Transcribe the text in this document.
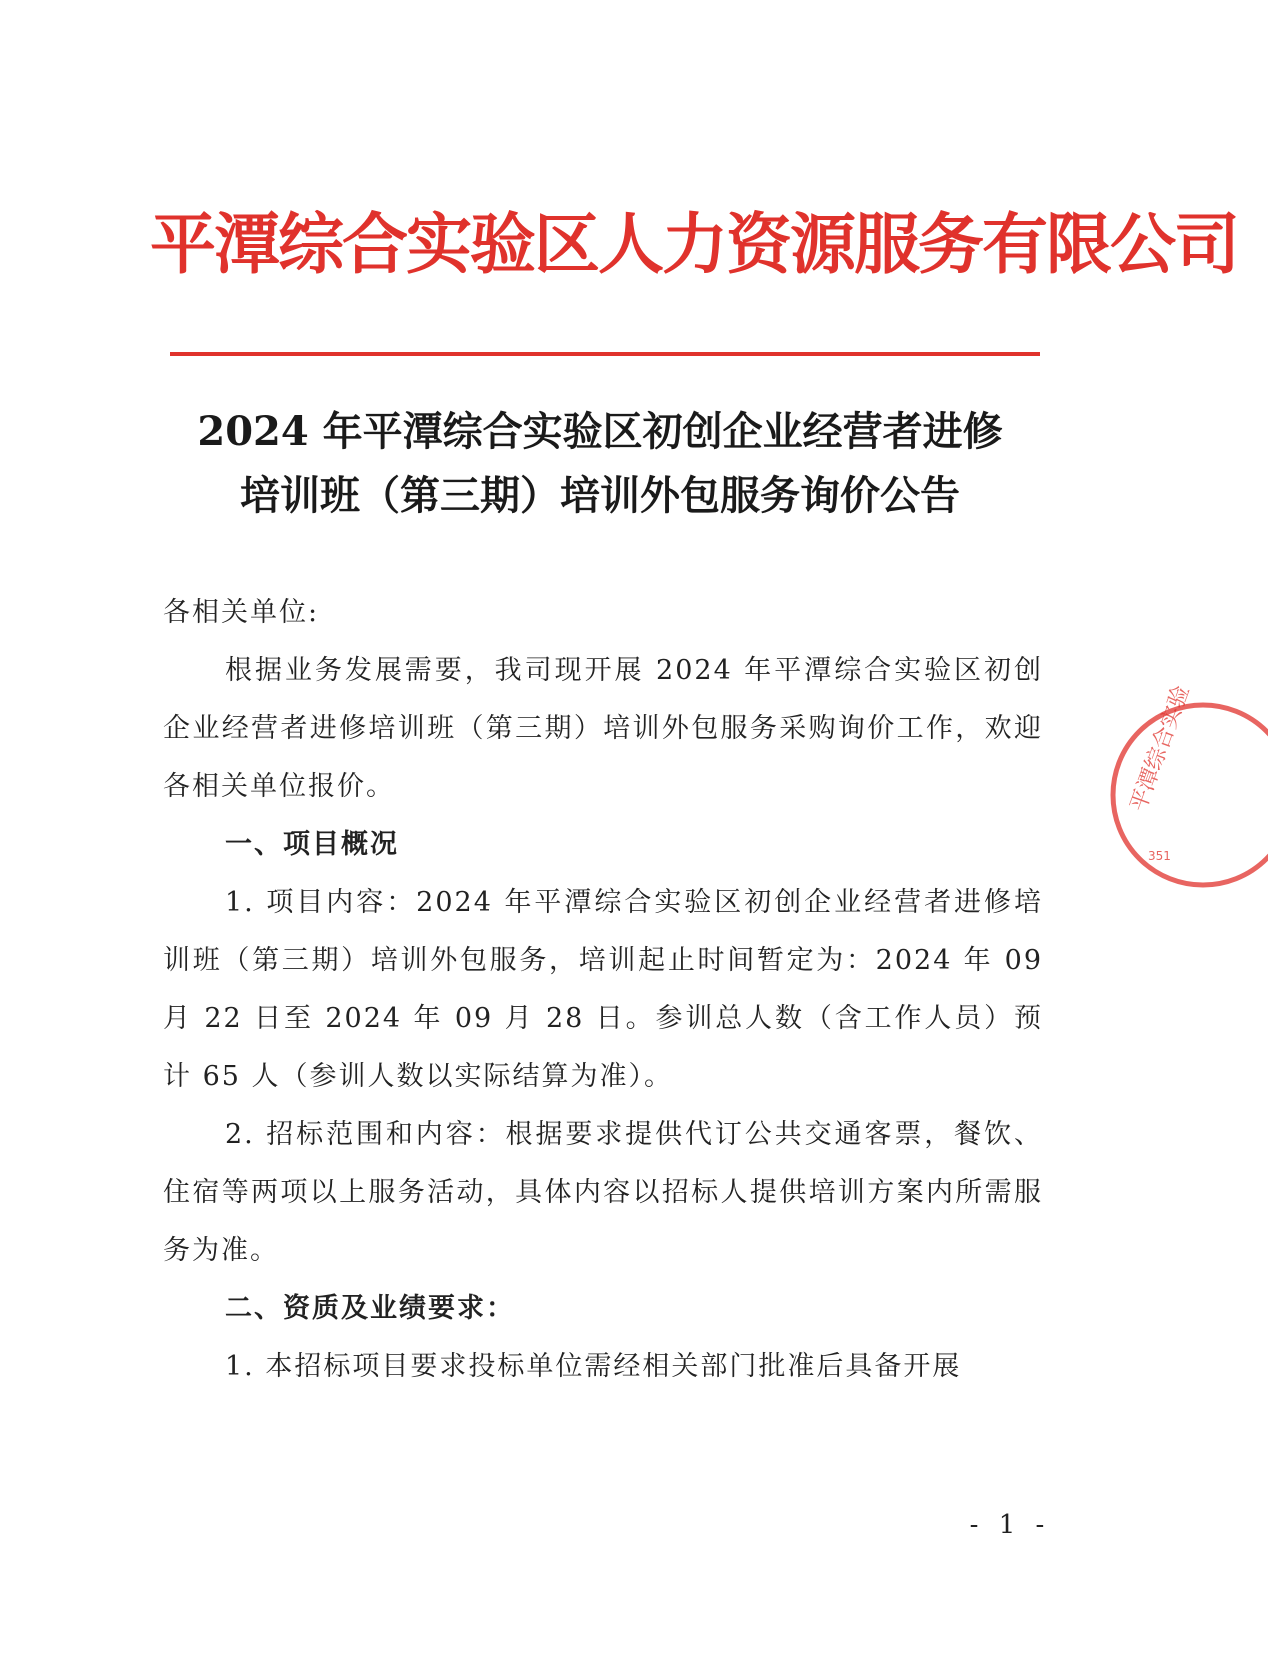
平潭综合实验区人力资源服务有限公司
2024 年平潭综合实验区初创企业经营者进修
培训班（第三期）培训外包服务询价公告

各相关单位:

根据业务发展需要，我司现开展 2024 年平潭综合实验区初创企业经营者进修培训班（第三期）培训外包服务采购询价工作，欢迎各相关单位报价。

一、项目概况

1. 项目内容：2024 年平潭综合实验区初创企业经营者进修培训班（第三期）培训外包服务，培训起止时间暂定为：2024 年 09 月 22 日至 2024 年 09 月 28 日。参训总人数（含工作人员）预计 65 人（参训人数以实际结算为准）。

2. 招标范围和内容：根据要求提供代订公共交通客票，餐饮、住宿等两项以上服务活动，具体内容以招标人提供培训方案内所需服务为准。

二、资质及业绩要求：

1. 本招标项目要求投标单位需经相关部门批准后具备开展

- 1 -
平潭综合实验
351
